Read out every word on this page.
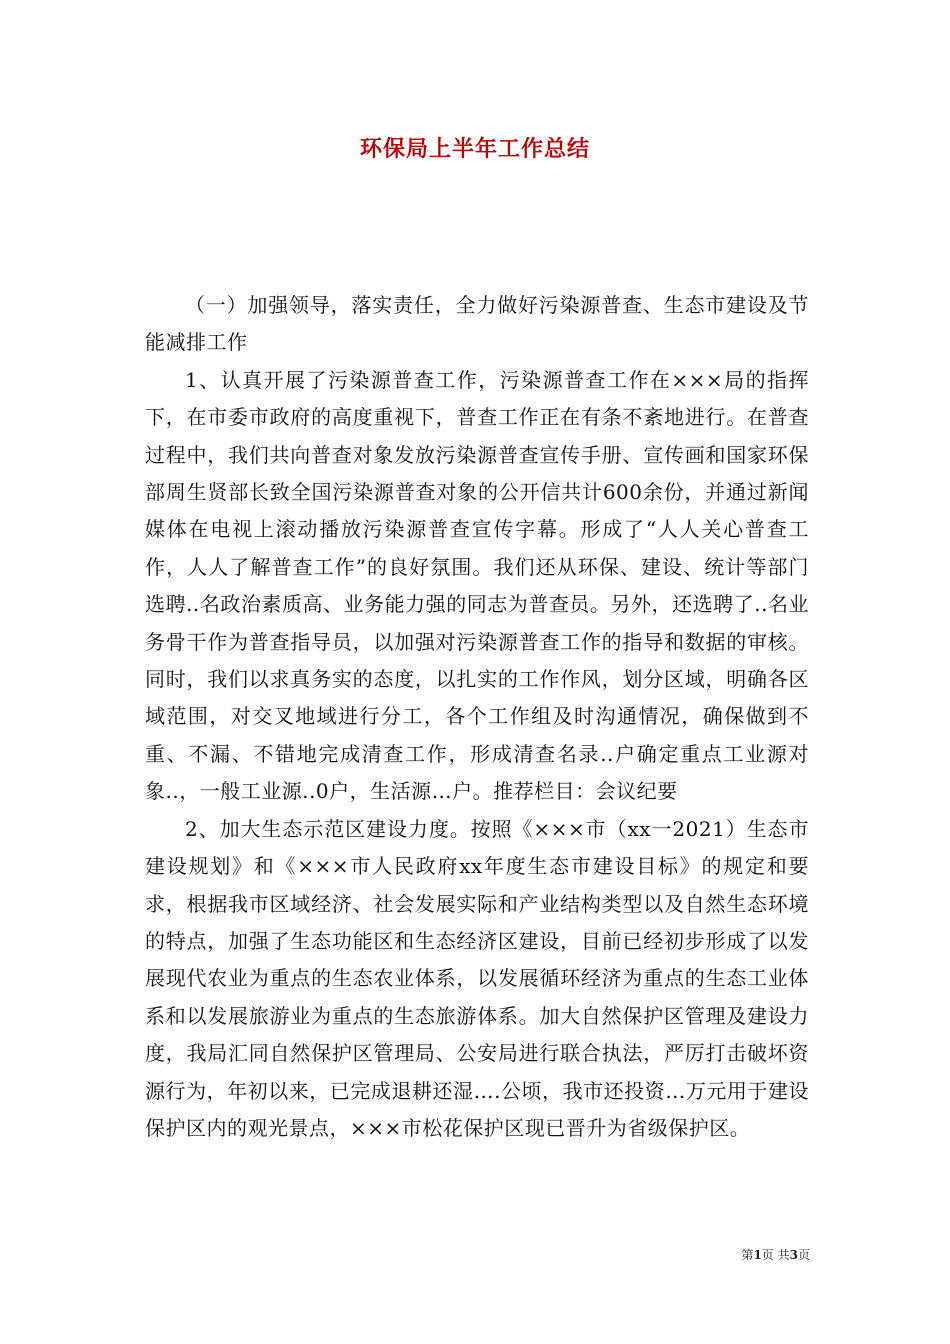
环保局上半年工作总结

（一）加强领导，落实责任，全力做好污染源普查、生态市建设及节能减排工作

1、认真开展了污染源普查工作，污染源普查工作在×××局的指挥下，在市委市政府的高度重视下，普查工作正在有条不紊地进行。在普查过程中，我们共向普查对象发放污染源普查宣传手册、宣传画和国家环保部周生贤部长致全国污染源普查对象的公开信共计600余份，并通过新闻媒体在电视上滚动播放污染源普查宣传字幕。形成了“人人关心普查工作，人人了解普查工作”的良好氛围。我们还从环保、建设、统计等部门选聘..名政治素质高、业务能力强的同志为普查员。另外，还选聘了..名业务骨干作为普查指导员，以加强对污染源普查工作的指导和数据的审核。同时，我们以求真务实的态度，以扎实的工作作风，划分区域，明确各区域范围，对交叉地域进行分工，各个工作组及时沟通情况，确保做到不重、不漏、不错地完成清查工作，形成清查名录..户确定重点工业源对象..，一般工业源..0户，生活源…户。推荐栏目：会议纪要

2、加大生态示范区建设力度。按照《×××市（xx一2021）生态市建设规划》和《×××市人民政府xx年度生态市建设目标》的规定和要求，根据我市区域经济、社会发展实际和产业结构类型以及自然生态环境的特点，加强了生态功能区和生态经济区建设，目前已经初步形成了以发展现代农业为重点的生态农业体系，以发展循环经济为重点的生态工业体系和以发展旅游业为重点的生态旅游体系。加大自然保护区管理及建设力度，我局汇同自然保护区管理局、公安局进行联合执法，严厉打击破坏资源行为，年初以来，已完成退耕还湿….公顷，我市还投资…万元用于建设保护区内的观光景点，×××市松花保护区现已晋升为省级保护区。

第1页 共3页
